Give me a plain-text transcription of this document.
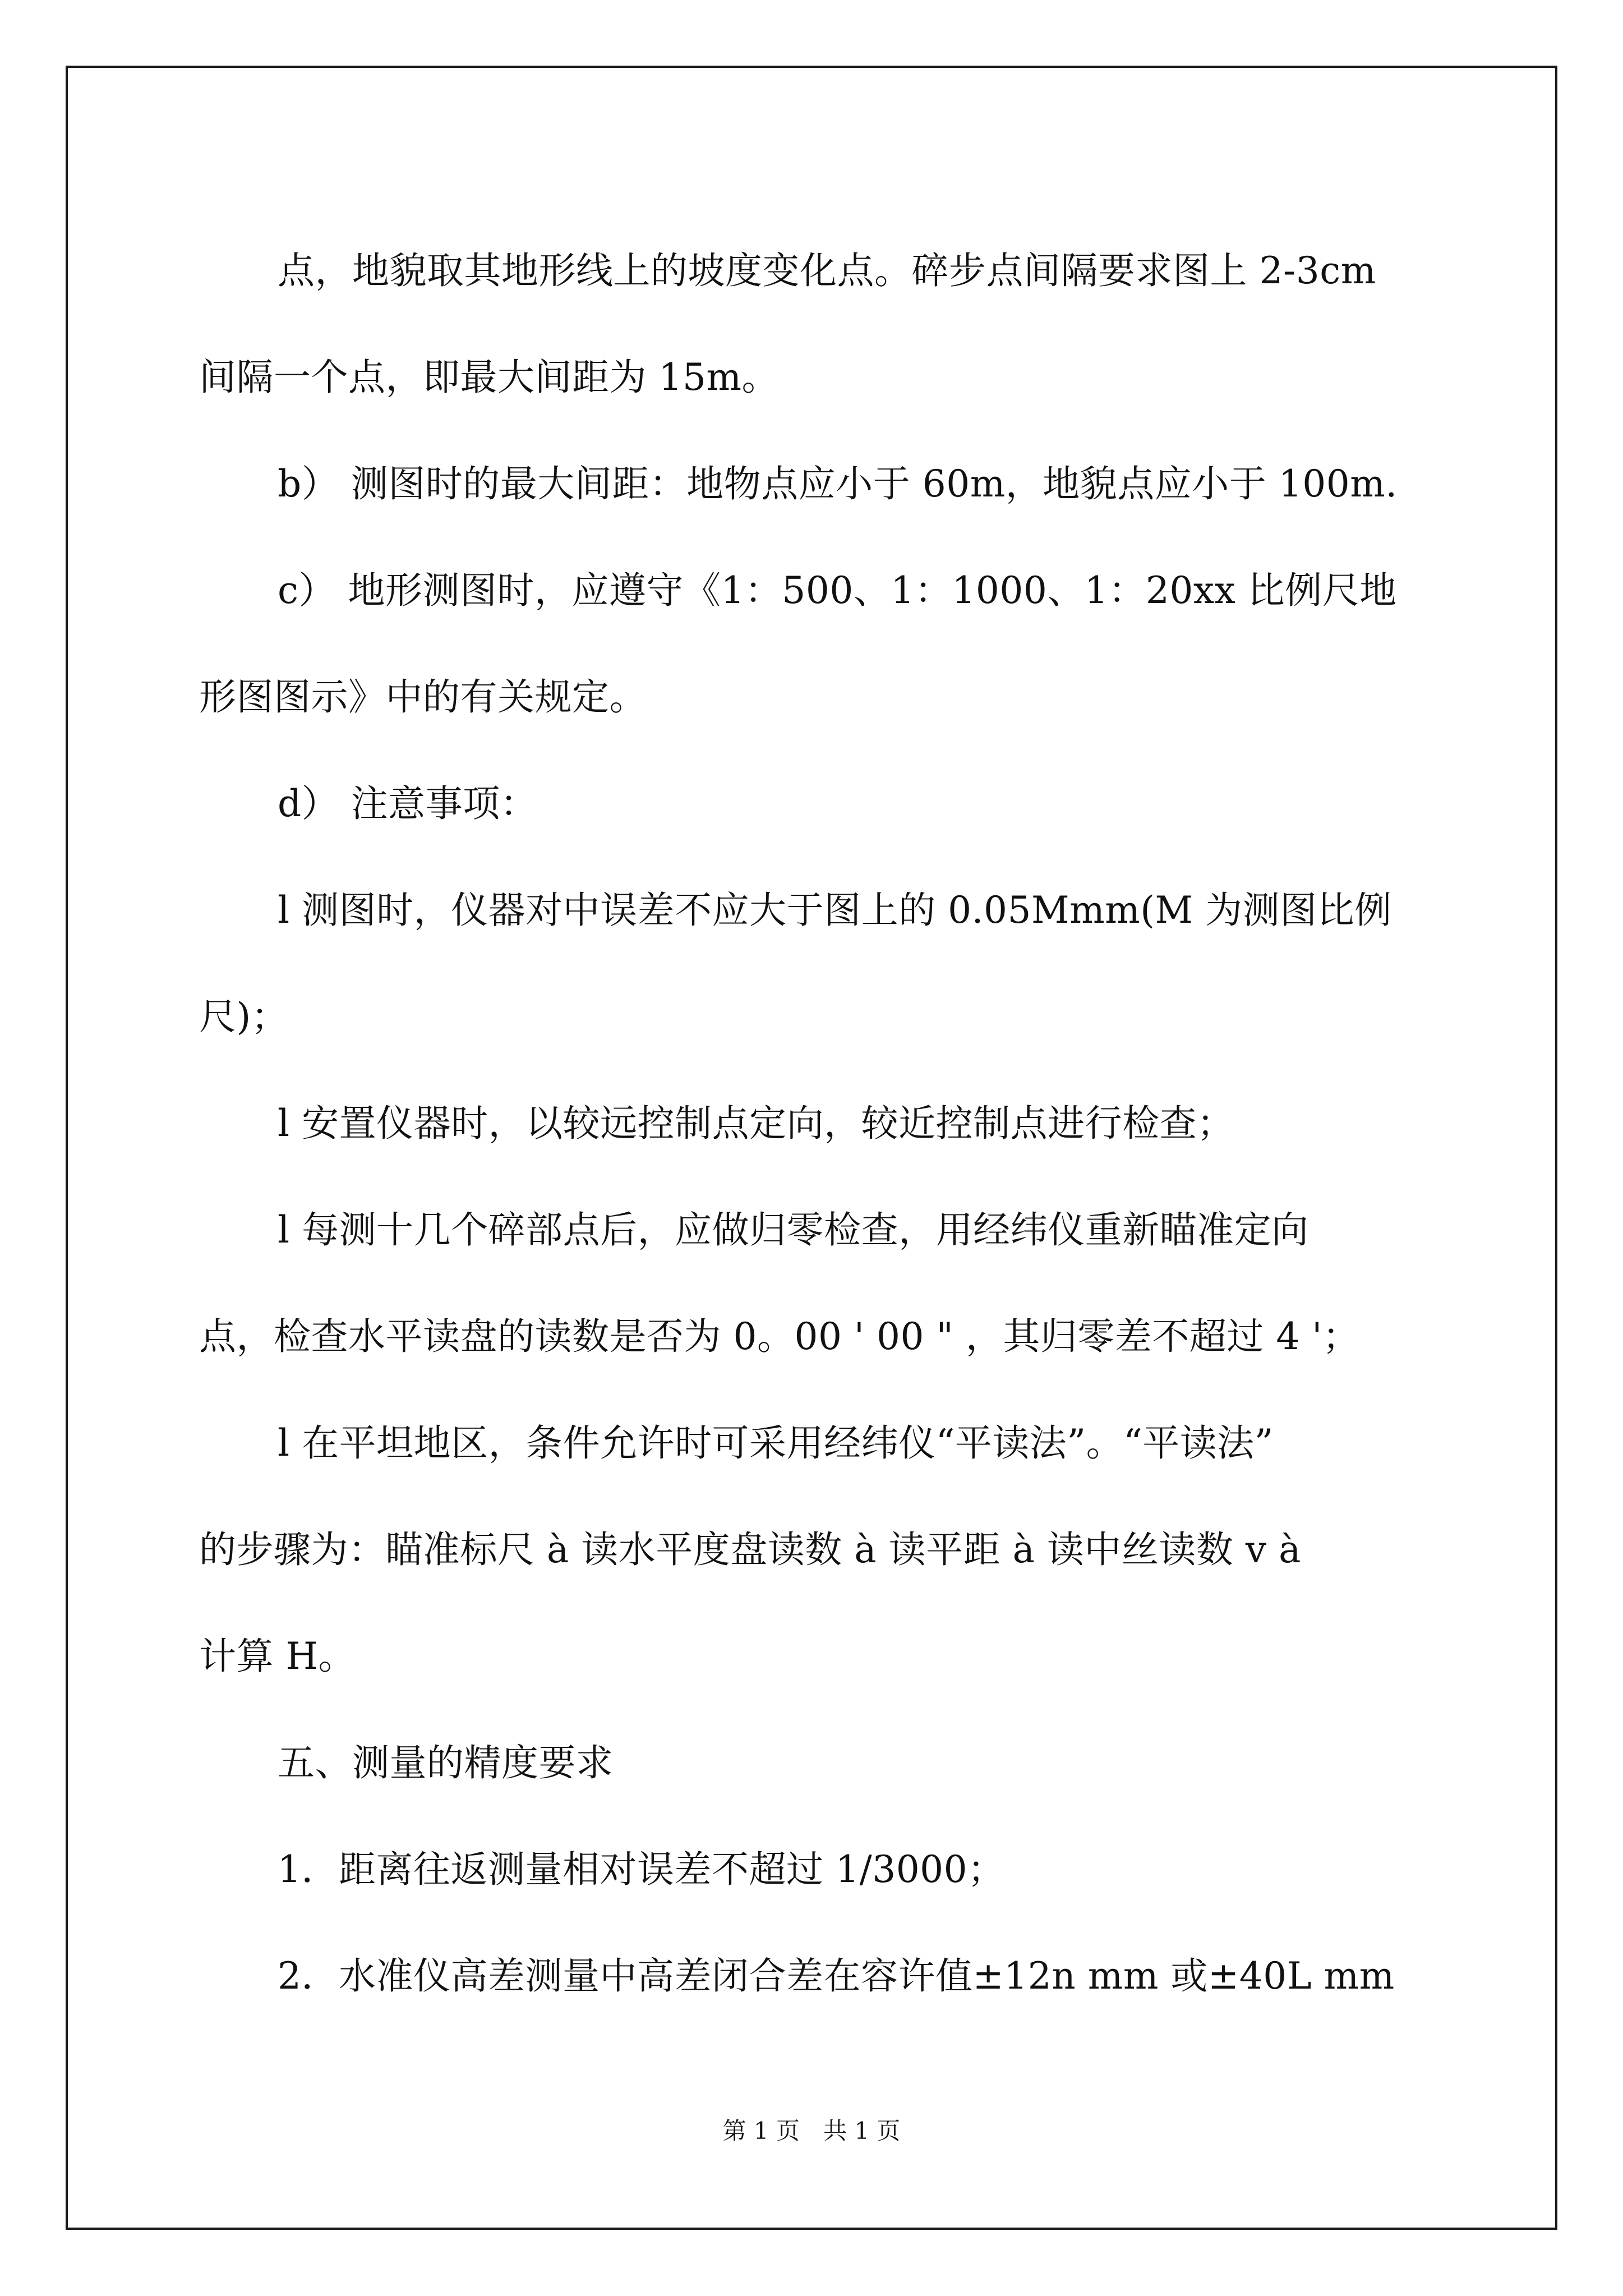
点，地貌取其地形线上的坡度变化点。碎步点间隔要求图上 2-3cm
间隔一个点，即最大间距为 15m。
b） 测图时的最大间距：地物点应小于 60m，地貌点应小于 100m.
c） 地形测图时，应遵守《1：500、1：1000、1：20xx 比例尺地
形图图示》中的有关规定。
d） 注意事项：
l 测图时，仪器对中误差不应大于图上的 0.05Mmm(M 为测图比例
尺)；
l 安置仪器时，以较远控制点定向，较近控制点进行检查；
l 每测十几个碎部点后，应做归零检查，用经纬仪重新瞄准定向
点，检查水平读盘的读数是否为 0。00 ' 00 " ，其归零差不超过 4 '；
l 在平坦地区，条件允许时可采用经纬仪“平读法”。“平读法”
的步骤为：瞄准标尺 à 读水平度盘读数 à 读平距 à 读中丝读数 v à
计算 H。
五、测量的精度要求
1．距离往返测量相对误差不超过 1/3000；
2．水准仪高差测量中高差闭合差在容许值±12n mm 或±40L mm
第 1 页　共 1 页
